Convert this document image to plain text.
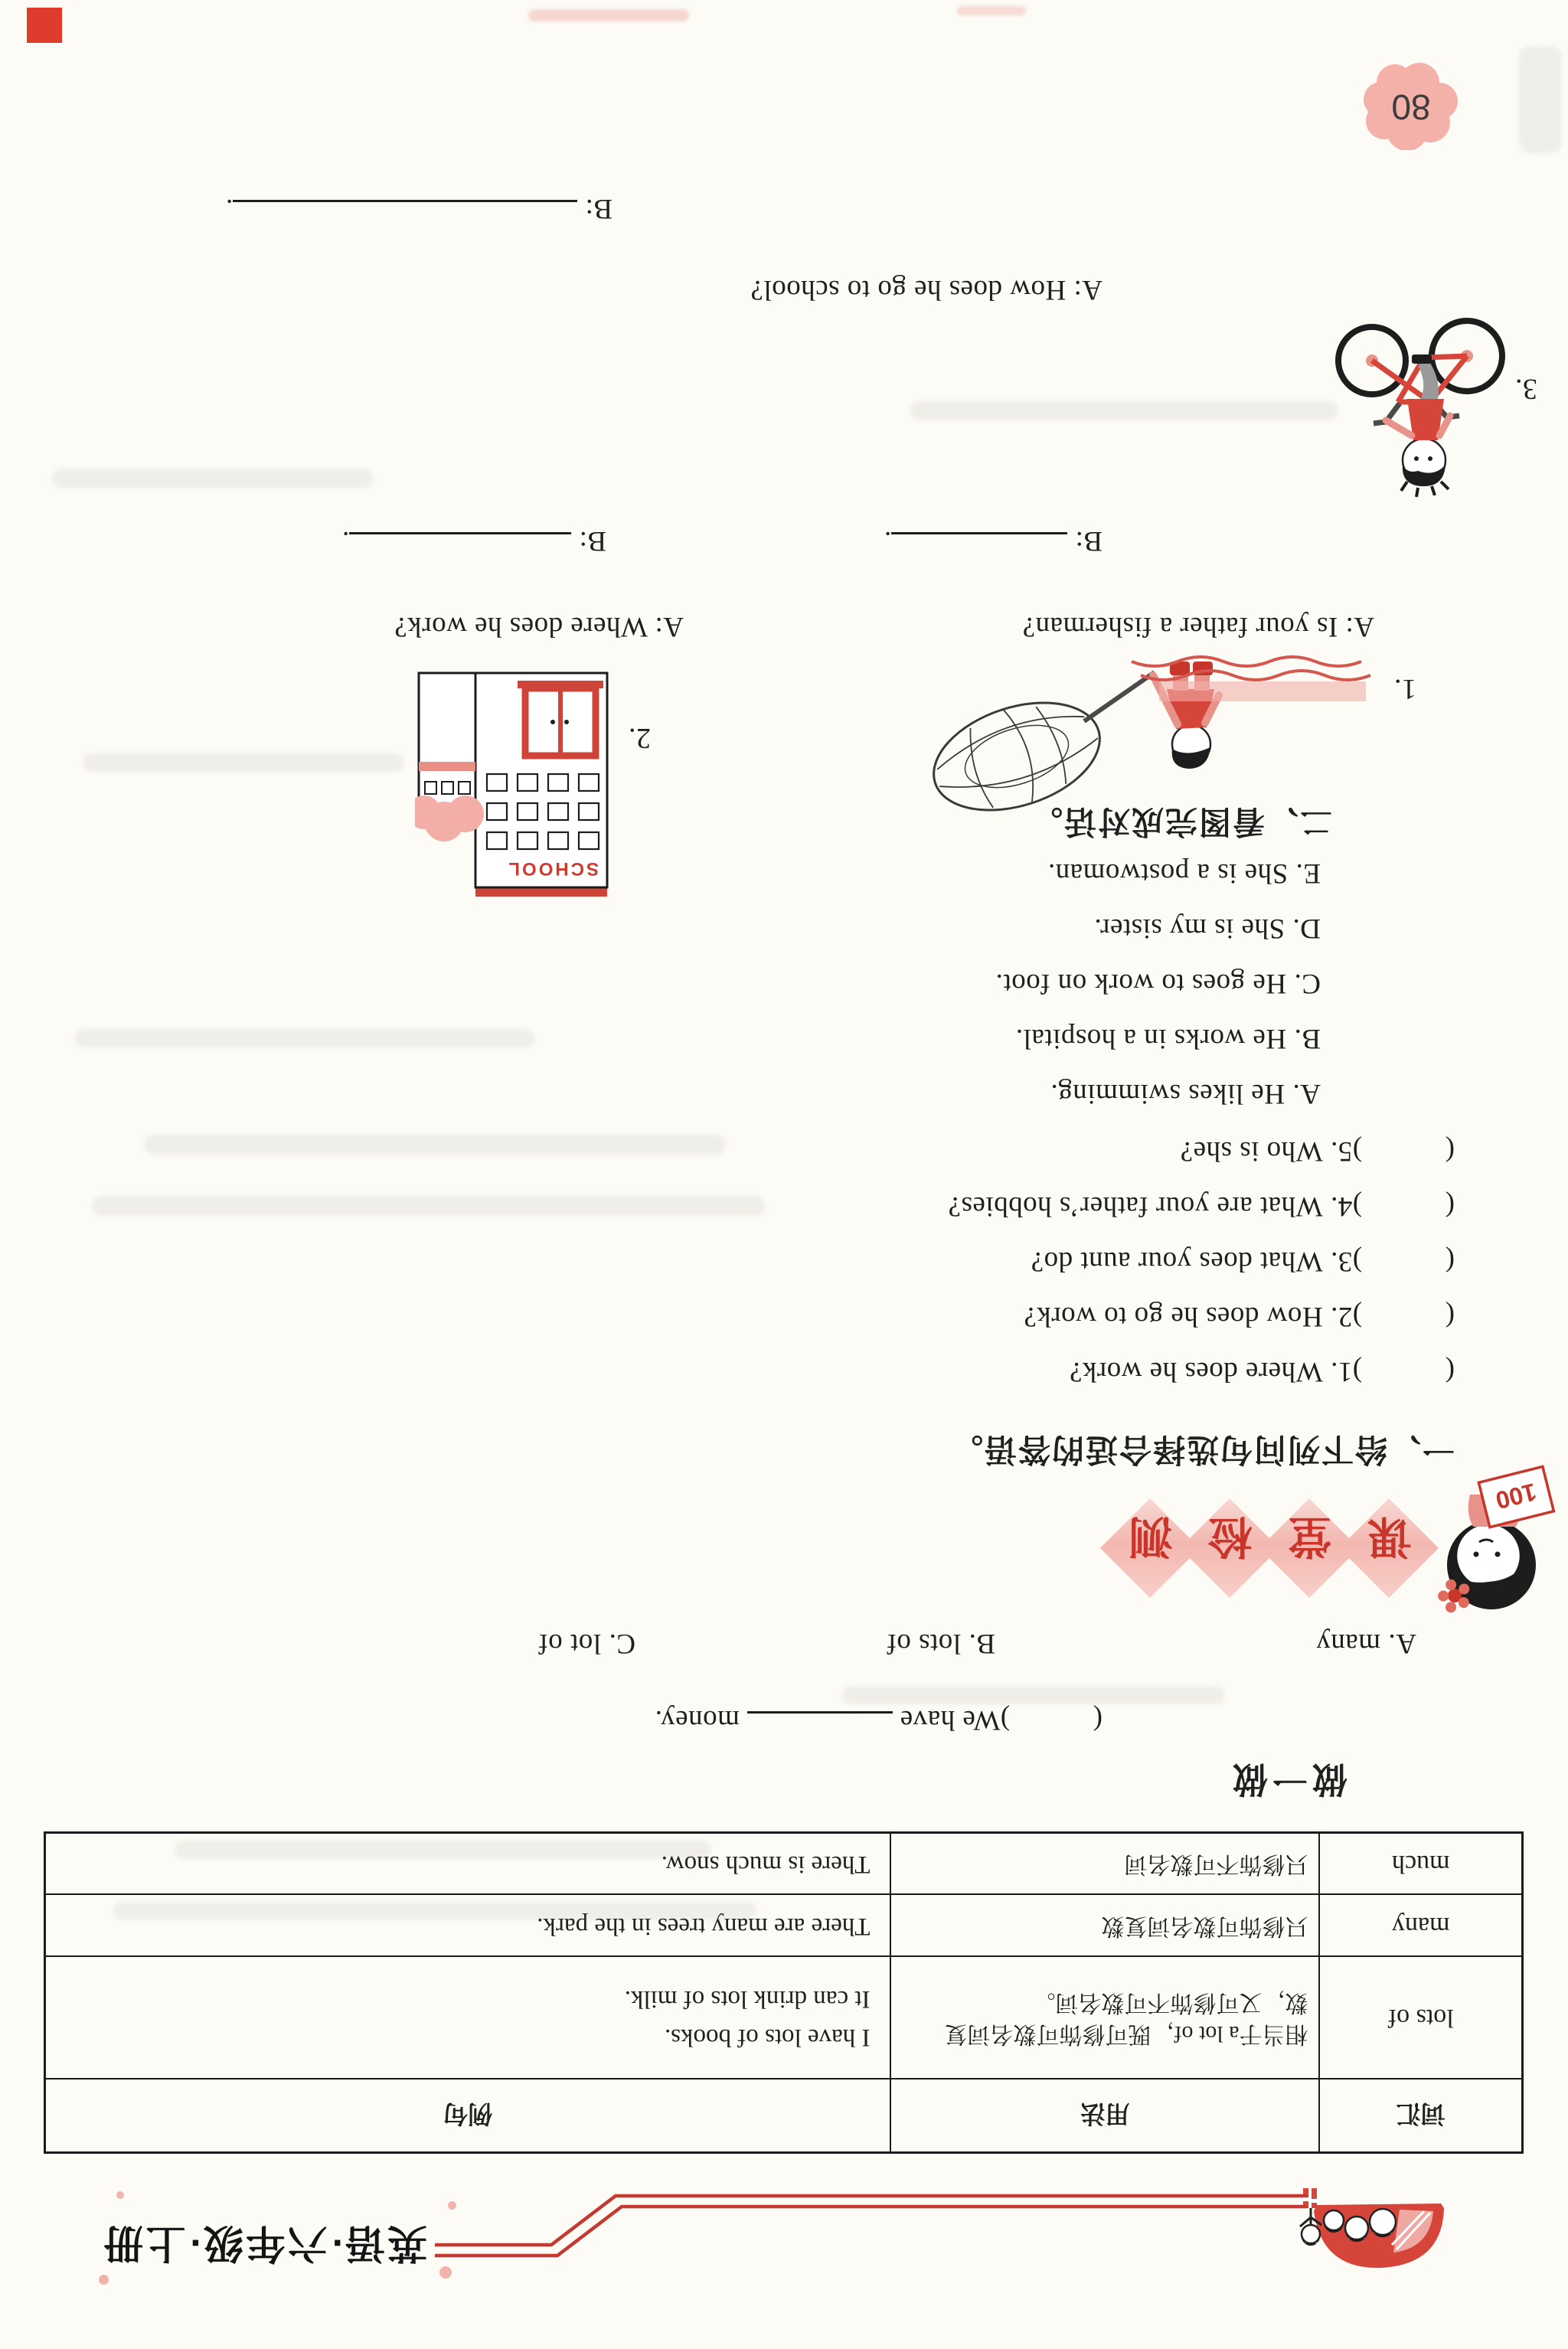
英语·六年级·上册
词汇	用法	例句
lots of	相当于a lot of，既可修饰可数名词复数，又可修饰不可数名词。	I have lots of books.
It can drink lots of milk.

many	只修饰可数名词复数	There are many trees in the park.
much	只修饰不可数名词	There is much snow.
做一做
()We have  money.
A.many
B.lots of
C.lot of
100
课
堂
检
测
一、给下列问句选择合适的答语。
()1.Where does he work?
()2.How does he go to work?
()3.What does your aunt do?
()4.What are your father’s hobbies?
()5.Who is she?
A.He likes swimming.
B.He works in a hospital.
C.He goes to work on foot.
D.She is my sister.
E.She is a postwoman.
二、看图完成对话。
1.
SCHOOL
2.
A: Is your father a fisherman?
A: Where does he work?
B: .
B: .
3.
A: How does he go to school?
B: .
80
